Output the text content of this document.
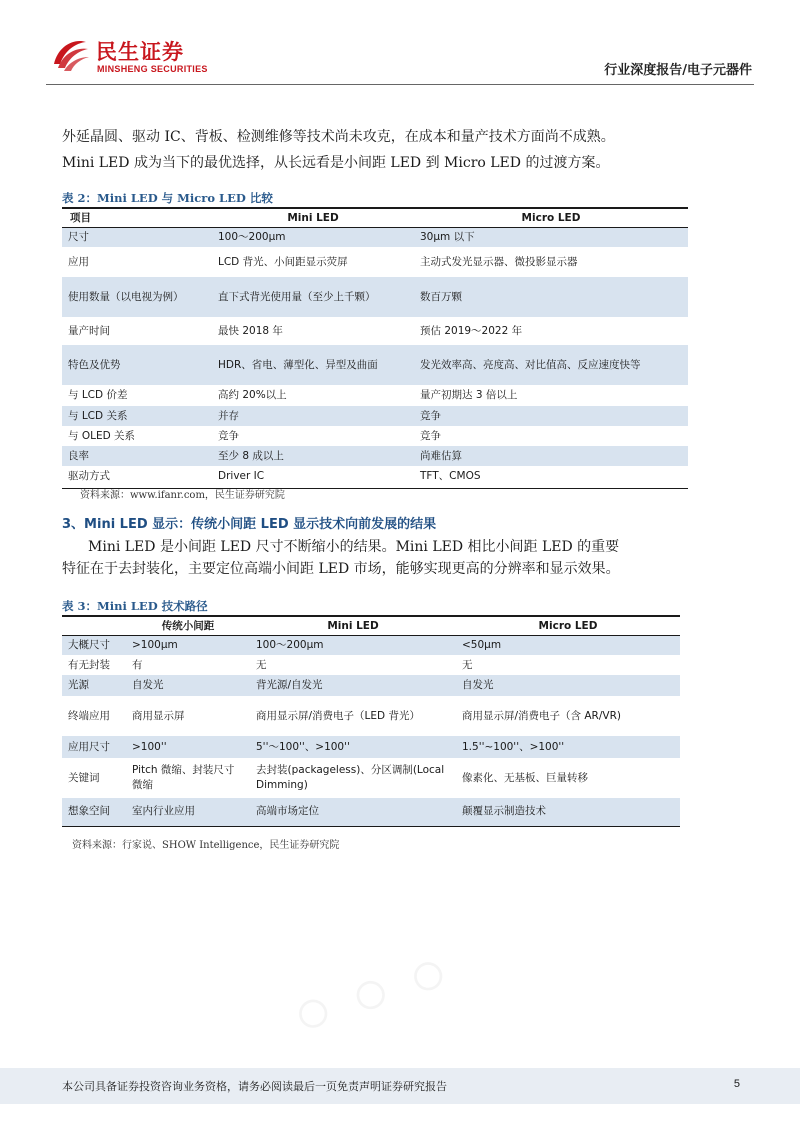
民生证券
MINSHENG SECURITIES	行业深度报告/电子元器件
外延晶圆、驱动 IC、背板、检测维修等技术尚未攻克，在成本和量产技术方面尚不成熟。
Mini LED 成为当下的最优选择，从长远看是小间距 LED 到 Micro LED 的过渡方案。
表 2：Mini LED 与 Micro LED 比较
项目	Mini LED	Micro LED
尺寸	100～200μm	30μm 以下
应用	LCD 背光、小间距显示荧屏	主动式发光显示器、微投影显示器
使用数量（以电视为例）	直下式背光使用量（至少上千颗）	数百万颗
量产时间	最快 2018 年	预估 2019～2022 年
特色及优势	HDR、省电、薄型化、异型及曲面	发光效率高、亮度高、对比值高、反应速度快等
与 LCD 价差	高约 20%以上	量产初期达 3 倍以上
与 LCD 关系	并存	竞争
与 OLED 关系	竞争	竞争
良率	至少 8 成以上	尚难估算
驱动方式	Driver IC	TFT、CMOS
资料来源：www.ifanr.com，民生证券研究院
3、Mini LED 显示：传统小间距 LED 显示技术向前发展的结果
Mini LED 是小间距 LED 尺寸不断缩小的结果。Mini LED 相比小间距 LED 的重要特征在于去封装化，主要定位高端小间距 LED 市场，能够实现更高的分辨率和显示效果。
表 3：Mini LED 技术路径
	传统小间距	Mini LED	Micro LED
大概尺寸	>100μm	100～200μm	<50μm
有无封装	有	无	无
光源	自发光	背光源/自发光	自发光
终端应用	商用显示屏	商用显示屏/消费电子（LED 背光）	商用显示屏/消费电子（含 AR/VR)
应用尺寸	>100''	5''～100''、>100''	1.5''~100''、>100''
关键词	Pitch 微缩、封装尺寸微缩	去封装(packageless)、分区调制(Local Dimming)	像素化、无基板、巨量转移
想象空间	室内行业应用	高端市场定位	颠覆显示制造技术
资料来源：行家说、SHOW Intelligence，民生证券研究院
本公司具备证券投资咨询业务资格，请务必阅读最后一页免责声明证券研究报告	5
